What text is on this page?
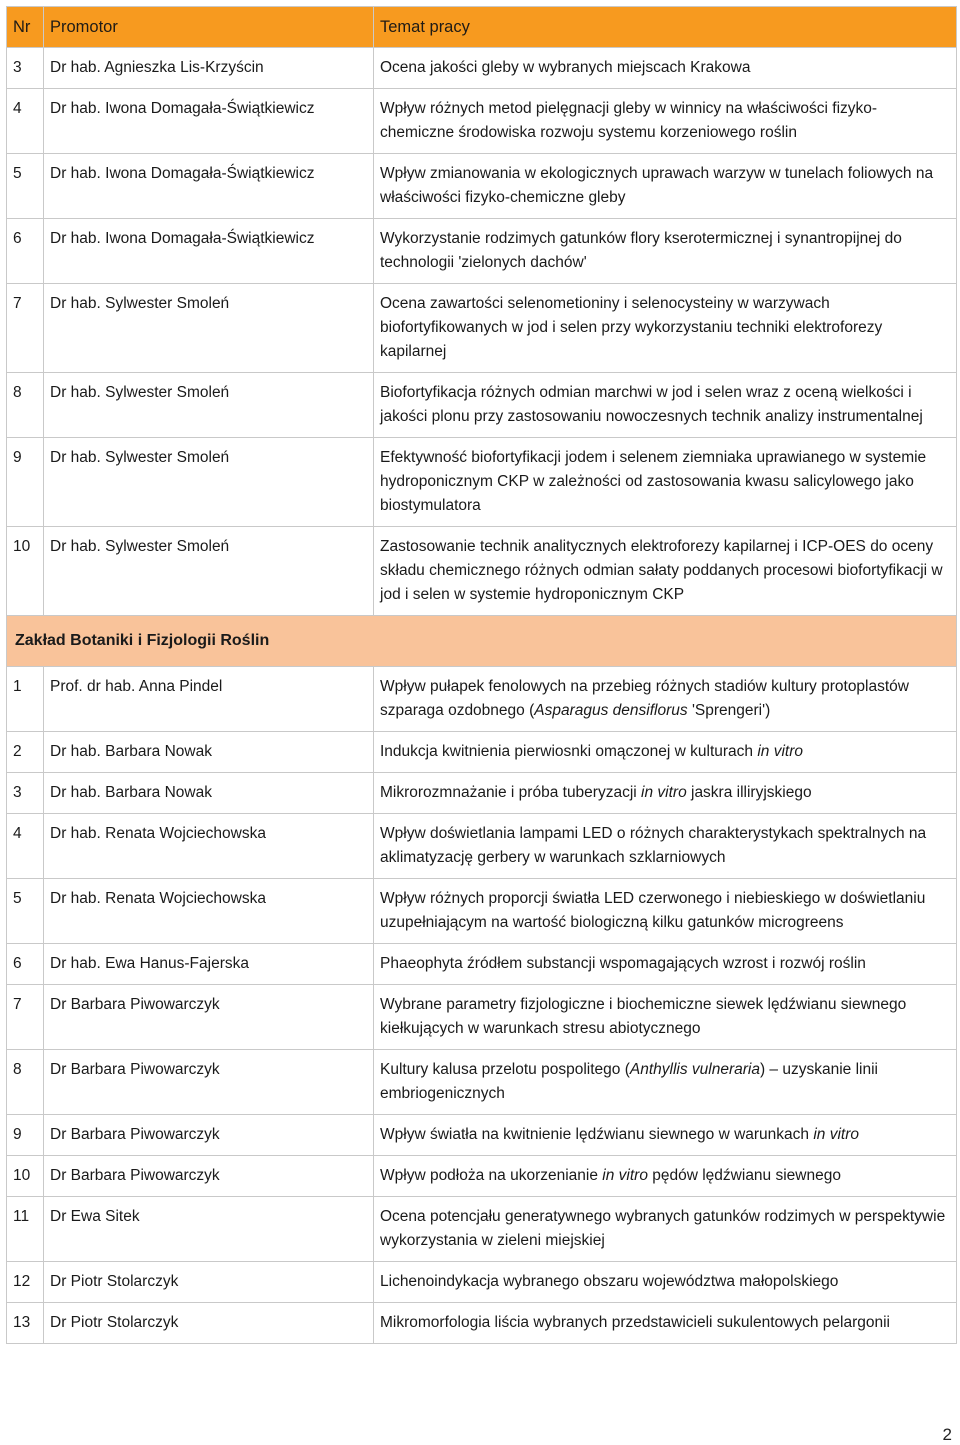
Nr	Promotor	Temat pracy
3	Dr hab. Agnieszka Lis-Krzyścin	Ocena jakości gleby w wybranych miejscach Krakowa
4	Dr hab. Iwona Domagała-Świątkiewicz	Wpływ różnych metod pielęgnacji gleby w winnicy na właściwości fizyko-chemiczne środowiska rozwoju systemu korzeniowego roślin
5	Dr hab. Iwona Domagała-Świątkiewicz	Wpływ zmianowania w ekologicznych uprawach warzyw w tunelach foliowych na właściwości fizyko-chemiczne gleby
6	Dr hab. Iwona Domagała-Świątkiewicz	Wykorzystanie rodzimych gatunków flory kserotermicznej i synantropijnej do technologii 'zielonych dachów'
7	Dr hab. Sylwester Smoleń	Ocena zawartości selenometioniny i selenocysteiny w warzywach biofortyfikowanych w jod i selen przy wykorzystaniu techniki elektroforezy kapilarnej
8	Dr hab. Sylwester Smoleń	Biofortyfikacja różnych odmian marchwi w jod i selen wraz z oceną wielkości i jakości plonu przy zastosowaniu nowoczesnych technik analizy instrumentalnej
9	Dr hab. Sylwester Smoleń	Efektywność biofortyfikacji jodem i selenem ziemniaka uprawianego w systemie hydroponicznym CKP w zależności od zastosowania kwasu salicylowego jako biostymulatora
10	Dr hab. Sylwester Smoleń	Zastosowanie technik analitycznych elektroforezy kapilarnej i ICP-OES do oceny składu chemicznego różnych odmian sałaty poddanych procesowi biofortyfikacji w jod i selen w systemie hydroponicznym CKP
Zakład Botaniki i Fizjologii Roślin		
1	Prof. dr hab. Anna Pindel	Wpływ pułapek fenolowych na przebieg różnych stadiów kultury protoplastów szparaga ozdobnego (Asparagus densiflorus 'Sprengeri')
2	Dr hab. Barbara Nowak	Indukcja kwitnienia pierwiosnki omączonej w kulturach in vitro
3	Dr hab. Barbara Nowak	Mikrorozmnażanie i próba tuberyzacji in vitro jaskra illiryjskiego
4	Dr hab. Renata Wojciechowska	Wpływ doświetlania lampami LED o różnych charakterystykach spektralnych na aklimatyzację gerbery w warunkach szklarniowych
5	Dr hab. Renata Wojciechowska	Wpływ różnych proporcji światła LED czerwonego i niebieskiego w doświetlaniu uzupełniającym na wartość biologiczną kilku gatunków microgreens
6	Dr hab. Ewa Hanus-Fajerska	Phaeophyta źródłem substancji wspomagających wzrost i rozwój roślin
7	Dr Barbara Piwowarczyk	Wybrane parametry fizjologiczne i biochemiczne siewek lędźwianu siewnego kiełkujących w warunkach stresu abiotycznego
8	Dr Barbara Piwowarczyk	Kultury kalusa przelotu pospolitego (Anthyllis vulneraria) – uzyskanie linii embriogenicznych
9	Dr Barbara Piwowarczyk	Wpływ światła na kwitnienie lędźwianu siewnego w warunkach in vitro
10	Dr Barbara Piwowarczyk	Wpływ podłoża na ukorzenianie in vitro pędów lędźwianu siewnego
11	Dr Ewa Sitek	Ocena potencjału generatywnego wybranych gatunków rodzimych w perspektywie wykorzystania w zieleni miejskiej
12	Dr Piotr Stolarczyk	Lichenoindykacja wybranego obszaru województwa małopolskiego
13	Dr Piotr Stolarczyk	Mikromorfologia liścia wybranych przedstawicieli sukulentowych pelargonii
2
